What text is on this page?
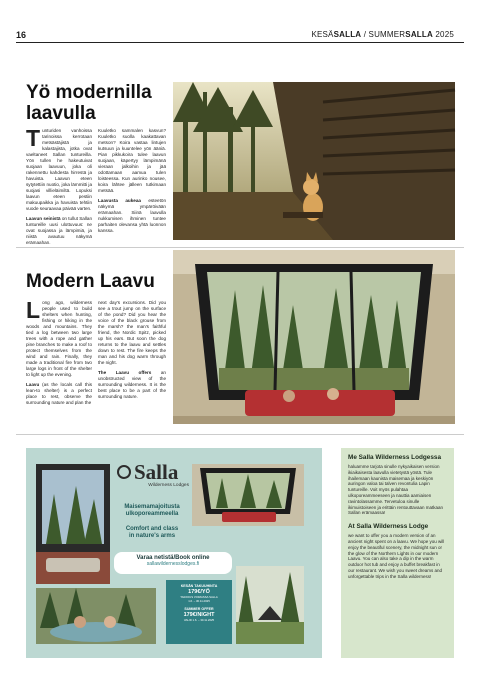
16	KESÄSALLA / SUMMERSALLA 2025
Yö modernilla
laavulla

Tunturiden vanhoissa tarinoissa kerrotaan metsästäjistä ja kalastajista, jotka ovat vaeltaneet Sallan tuntureilla. Yön tullen he hakeutuivat suojaan laavuun, joka oli rakennettu kahdesta hirrestä ja havuista. Laavun eteen sytytettiin nuotio, joka lämmitti ja suojasi villieläimiltä. Lopuksi laavun eteen pestiin makuupaikka ja havuista tehtiin vuode seuraavaa päivää varten.

Laavun seinistä on tullut Sallan tuntureille uusi ulottuvuus: ne ovat suojassa ja lämpimiä, ja niistä avautuu näkymä erämaahan.

Kuuletko sammalen kasvun? Kuuletko suolla kaakattavan metson? Koira vastaa lintujen kutsuun ja kuuntelee yön ääniä. Pian pikkukoira tulee laavun suojaan, käpertyy lämpimänä vieraan jalkoihin ja jää odottamaan aamua tulen loisteessa. Kun aurinko nousee, koira lähtee jälleen tutkimaan metsää.

Laavusta aukeaa esteetön näkymä ympäröivään erämaahan. Siinä laavulla nukkumisen ihminen tuntee parhaiten olevansa yhtä luonnon kanssa.

Modern Laavu

Long ago, wilderness people used to build shelters when hunting, fishing or hiking in the woods and mountains. They tied a log between two large trees with a rope and gather pine branches to make a roof to protect themselves from the wind and rain. Finally, they made a traditional fire from two large logs in front of the shelter to light up the evening.

Laavu (as the locals call this lean-to shelter) is a perfect place to rest, observe the surrounding nature and plan the

next day's excursions. Did you see a trout jump on the surface of the pond? Did you hear the voice of the black grouse from the marsh? the man's faithful friend, the Nordic Spitz, picked up his ears. But soon the dog returns to the laavu and settles down to rest. The fire keeps the man and his dog warm through the night.

The Laavu offers an unobstructed view of the surrounding wilderness. It is the best place to be a part of the surrounding nature.

Salla
Wilderness Lodges
Maisemamajoitusta
ulkoporeammeella
Comfort and class
in nature's arms
Varaa netistä/Book online
sallawildernesslodges.fi
KESÄN TAKUUHINTA
179€/YÖ
TARJOUS VOIMASSA SALLA
1.6. – 30.11.2025
SUMMER OFFER
179€/NIGHT
VALID 1.6. – 30.11.2025
Me Salla Wilderness Lodgessa

haluamme tarjota sinulle nykyaikaisen version ikiaikaisesta laavulla vietetystä yöstä. Tule ihailemaan kaunista maisemaa ja keskiyön auringon valoa tai talven revontulia Lapin tuntureille. Voit myös pulahtaa ulkoporeammeeseen ja nauttia aamiaisen ravintolassamme. Tervetuloa sinulle ikimuistoiseen ja erittäin rentouttavaan matkaan Sallan erämaassa!

At Salla Wilderness Lodge

we want to offer you a modern version of an ancient night spent on a laavu. We hope you will enjoy the beautiful scenery, the midnight sun or the glow of the Northern Lights in our modern Laavu. You can also take a dip in the warm outdoor hot tub and enjoy a buffet breakfast in our restaurant. We wish you sweet dreams and unforgettable trips in the Salla wilderness!
